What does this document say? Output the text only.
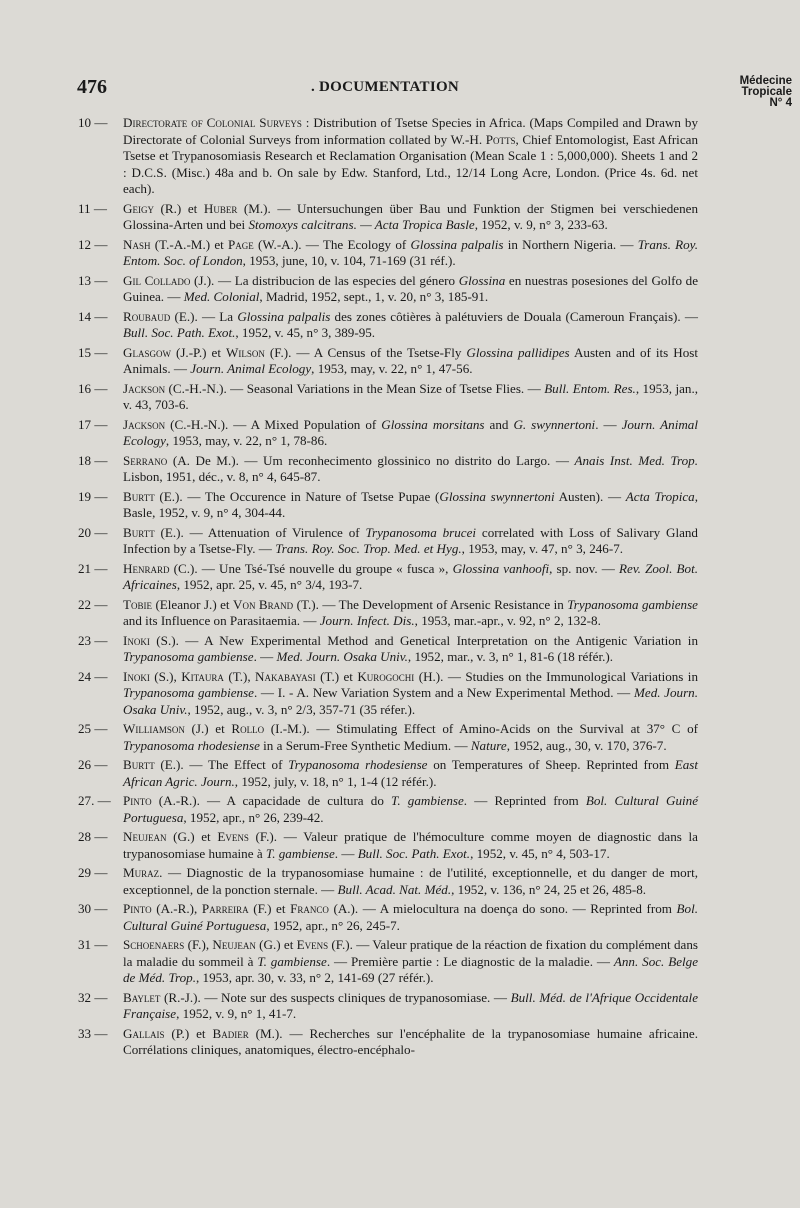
476	. DOCUMENTATION	Médecine
Tropicale
N° 4
10 —	Directorate of Colonial Surveys : Distribution of Tsetse Species in Africa. (Maps Compiled and Drawn by Directorate of Colonial Surveys from information collated by W.-H. Potts, Chief Entomologist, East African Tsetse et Trypanosomiasis Research et Reclamation Organisation (Mean Scale 1 : 5,000,000). Sheets 1 and 2 : D.C.S. (Misc.) 48a and b. On sale by Edw. Stanford, Ltd., 12/14 Long Acre, London. (Price 4s. 6d. net each).
11 —	Geigy (R.) et Huber (M.). — Untersuchungen über Bau und Funktion der Stigmen bei verschiedenen Glossina-Arten und bei Stomoxys calcitrans. — Acta Tropica Basle, 1952, v. 9, n° 3, 233-63.
12 —	Nash (T.-A.-M.) et Page (W.-A.). — The Ecology of Glossina palpalis in Northern Nigeria. — Trans. Roy. Entom. Soc. of London, 1953, june, 10, v. 104, 71-169 (31 réf.).
13 —	Gil Collado (J.). — La distribucion de las especies del género Glossina en nuestras posesiones del Golfo de Guinea. — Med. Colonial, Madrid, 1952, sept., 1, v. 20, n° 3, 185-91.
14 —	Roubaud (E.). — La Glossina palpalis des zones côtières à palétuviers de Douala (Cameroun Français). — Bull. Soc. Path. Exot., 1952, v. 45, n° 3, 389-95.
15 —	Glasgow (J.-P.) et Wilson (F.). — A Census of the Tsetse-Fly Glossina pallidipes Austen and of its Host Animals. — Journ. Animal Ecology, 1953, may, v. 22, n° 1, 47-56.
16 —	Jackson (C.-H.-N.). — Seasonal Variations in the Mean Size of Tsetse Flies. — Bull. Entom. Res., 1953, jan., v. 43, 703-6.
17 —	Jackson (C.-H.-N.). — A Mixed Population of Glossina morsitans and G. swynnertoni. — Journ. Animal Ecology, 1953, may, v. 22, n° 1, 78-86.
18 —	Serrano (A. De M.). — Um reconhecimento glossinico no distrito do Largo. — Anais Inst. Med. Trop. Lisbon, 1951, déc., v. 8, n° 4, 645-87.
19 —	Burtt (E.). — The Occurence in Nature of Tsetse Pupae (Glossina swynnertoni Austen). — Acta Tropica, Basle, 1952, v. 9, n° 4, 304-44.
20 —	Burtt (E.). — Attenuation of Virulence of Trypanosoma brucei correlated with Loss of Salivary Gland Infection by a Tsetse-Fly. — Trans. Roy. Soc. Trop. Med. et Hyg., 1953, may, v. 47, n° 3, 246-7.
21 —	Henrard (C.). — Une Tsé-Tsé nouvelle du groupe « fusca », Glossina vanhoofi, sp. nov. — Rev. Zool. Bot. Africaines, 1952, apr. 25, v. 45, n° 3/4, 193-7.
22 —	Tobie (Eleanor J.) et Von Brand (T.). — The Development of Arsenic Resistance in Trypanosoma gambiense and its Influence on Parasitaemia. — Journ. Infect. Dis., 1953, mar.-apr., v. 92, n° 2, 132-8.
23 —	Inoki (S.). — A New Experimental Method and Genetical Interpretation on the Antigenic Variation in Trypanosoma gambiense. — Med. Journ. Osaka Univ., 1952, mar., v. 3, n° 1, 81-6 (18 référ.).
24 —	Inoki (S.), Kitaura (T.), Nakabayasi (T.) et Kurogochi (H.). — Studies on the Immunological Variations in Trypanosoma gambiense. — I. - A. New Variation System and a New Experimental Method. — Med. Journ. Osaka Univ., 1952, aug., v. 3, n° 2/3, 357-71 (35 réfer.).
25 —	Williamson (J.) et Rollo (I.-M.). — Stimulating Effect of Amino-Acids on the Survival at 37° C of Trypanosoma rhodesiense in a Serum-Free Synthetic Medium. — Nature, 1952, aug., 30, v. 170, 376-7.
26 —	Burtt (E.). — The Effect of Trypanosoma rhodesiense on Temperatures of Sheep. Reprinted from East African Agric. Journ., 1952, july, v. 18, n° 1, 1-4 (12 référ.).
27. — Pinto (A.-R.). — A capacidade de cultura do T. gambiense. — Reprinted from Bol. Cultural Guiné Portuguesa, 1952, apr., n° 26, 239-42.
28 —	Neujean (G.) et Evens (F.). — Valeur pratique de l'hémoculture comme moyen de diagnostic dans la trypanosomiase humaine à T. gambiense. — Bull. Soc. Path. Exot., 1952, v. 45, n° 4, 503-17.
29 —	Muraz. — Diagnostic de la trypanosomiase humaine : de l'utilité, exceptionnelle, et du danger de mort, exceptionnel, de la ponction sternale. — Bull. Acad. Nat. Méd., 1952, v. 136, n° 24, 25 et 26, 485-8.
30 —	Pinto (A.-R.), Parreira (F.) et Franco (A.). — A mielocultura na doença do sono. — Reprinted from Bol. Cultural Guiné Portuguesa, 1952, apr., n° 26, 245-7.
31 —	Schoenaers (F.), Neujean (G.) et Evens (F.). — Valeur pratique de la réaction de fixation du complément dans la maladie du sommeil à T. gambiense. — Première partie : Le diagnostic de la maladie. — Ann. Soc. Belge de Méd. Trop., 1953, apr. 30, v. 33, n° 2, 141-69 (27 référ.).
32 —	Baylet (R.-J.). — Note sur des suspects cliniques de trypanosomiase. — Bull. Méd. de l'Afrique Occidentale Française, 1952, v. 9, n° 1, 41-7.
33 —	Gallais (P.) et Badier (M.). — Recherches sur l'encéphalite de la trypanosomiase humaine africaine. Corrélations cliniques, anatomiques, électro-encéphalo-
